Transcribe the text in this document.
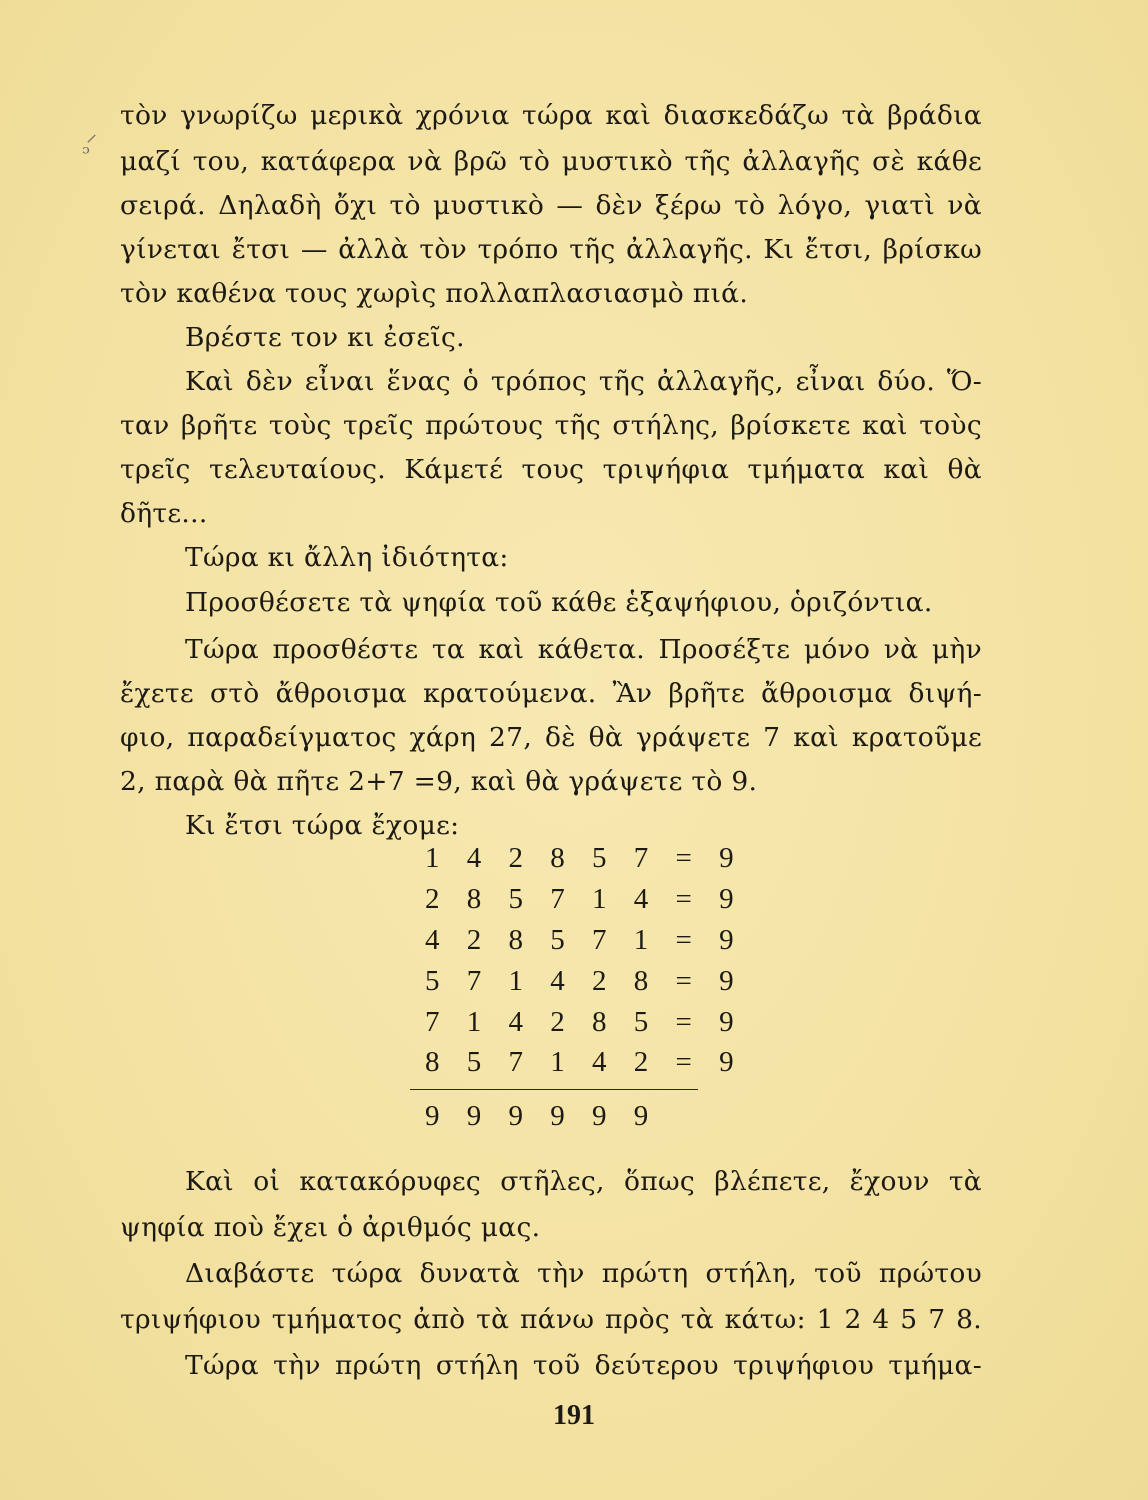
⸝
ᵓ
τὸν γνωρίζω μερικὰ χρόνια τώρα καὶ διασκεδάζω τὰ βράδια
μαζί του, κατάφερα νὰ βρῶ τὸ μυστικὸ τῆς ἀλλαγῆς σὲ κάθε
σειρά. Δηλαδὴ ὄχι τὸ μυστικὸ — δὲν ξέρω τὸ λόγο, γιατὶ νὰ
γίνεται ἔτσι — ἀλλὰ τὸν τρόπο τῆς ἀλλαγῆς. Κι ἔτσι, βρίσκω
τὸν καθένα τους χωρὶς πολλαπλασιασμὸ πιά.
Βρέστε τον κι ἐσεῖς.
Καὶ δὲν εἶναι ἕνας ὁ τρόπος τῆς ἀλλαγῆς, εἶναι δύο. Ὅ-
ταν βρῆτε τοὺς τρεῖς πρώτους τῆς στήλης, βρίσκετε καὶ τοὺς
τρεῖς τελευταίους. Κάμετέ τους τριψήφια τμήματα καὶ θὰ
δῆτε...
Τώρα κι ἄλλη ἰδιότητα:
Προσθέσετε τὰ ψηφία τοῦ κάθε ἑξαψήφιου, ὁριζόντια.
Τώρα προσθέστε τα καὶ κάθετα. Προσέξτε μόνο νὰ μὴν
ἔχετε στὸ ἄθροισμα κρατούμενα. Ἂν βρῆτε ἄθροισμα διψή-
φιο, παραδείγματος χάρη 27, δὲ θὰ γράψετε 7 καὶ κρατοῦμε
2, παρὰ θὰ πῆτε 2+7 =9, καὶ θὰ γράψετε τὸ 9.
Κι ἔτσι τώρα ἔχομε:
1 4 2 8 5 7 = 9
2 8 5 7 1 4 = 9
4 2 8 5 7 1 = 9
5 7 1 4 2 8 = 9
7 1 4 2 8 5 = 9
8 5 7 1 4 2 = 9
9 9 9 9 9 9
Καὶ οἱ κατακόρυφες στῆλες, ὅπως βλέπετε, ἔχουν τὰ
ψηφία ποὺ ἔχει ὁ ἀριθμός μας.
Διαβάστε τώρα δυνατὰ τὴν πρώτη στήλη, τοῦ πρώτου
τριψήφιου τμήματος ἀπὸ τὰ πάνω πρὸς τὰ κάτω: 1 2 4 5 7 8.
Τώρα τὴν πρώτη στήλη τοῦ δεύτερου τριψήφιου τμήμα-
191
